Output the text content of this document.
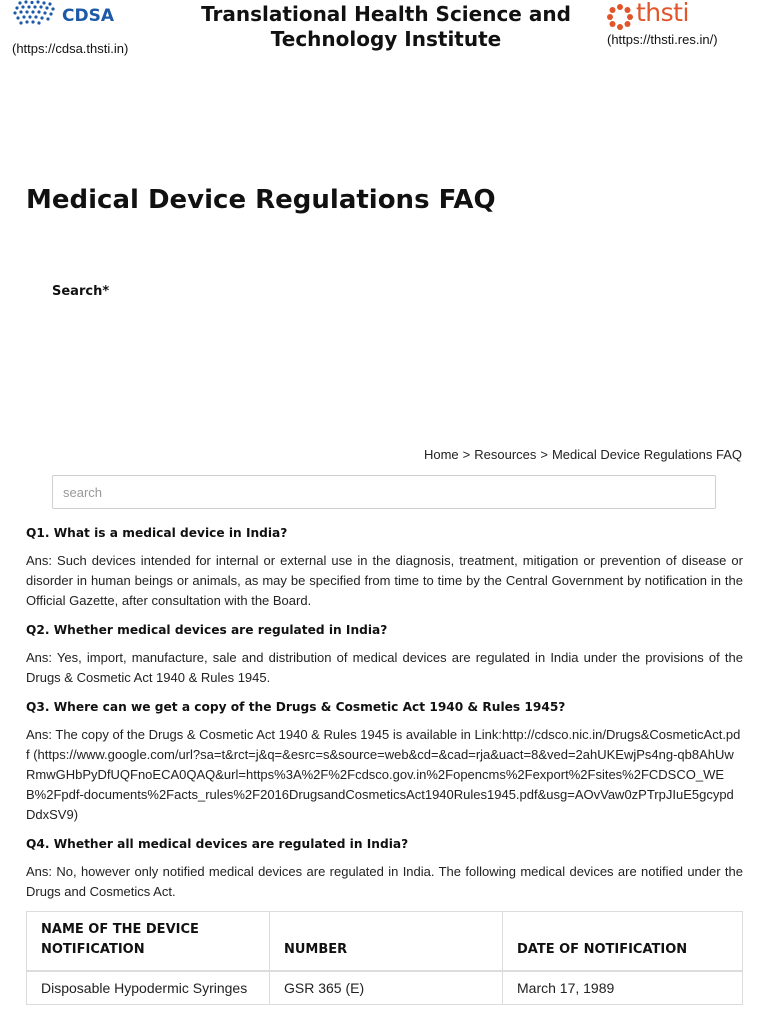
CDSA
(https://cdsa.thsti.in)
Translational Health Science and Technology Institute
thsti
(https://thsti.res.in/)
Medical Device Regulations FAQ
Search*
Home > Resources > Medical Device Regulations FAQ
search

Q1. What is a medical device in India?

Ans: Such devices intended for internal or external use in the diagnosis, treatment, mitigation or prevention of disease or disorder in human beings or animals, as may be specified from time to time by the Central Government by notification in the Official Gazette, after consultation with the Board.

Q2. Whether medical devices are regulated in India?

Ans: Yes, import, manufacture, sale and distribution of medical devices are regulated in India under the provisions of the Drugs & Cosmetic Act 1940 & Rules 1945.

Q3. Where can we get a copy of the Drugs & Cosmetic Act 1940 & Rules 1945?

Ans: The copy of the Drugs & Cosmetic Act 1940 & Rules 1945 is available in Link:http://cdsco.nic.in/Drugs&CosmeticAct.pdf (https://www.google.com/url?sa=t&rct=j&q=&esrc=s&source=web&cd=&cad=rja&uact=8&ved=2ahUKEwjPs4ng-qb8AhUwRmwGHbPyDfUQFnoECA0QAQ&url=https%3A%2F%2Fcdsco.gov.in%2Fopencms%2Fexport%2Fsites%2FCDSCO_WEB%2Fpdf-documents%2Facts_rules%2F2016DrugsandCosmeticsAct1940Rules1945.pdf&usg=AOvVaw0zPTrpJIuE5gcypdDdxSV9)

Q4. Whether all medical devices are regulated in India?

Ans: No, however only notified medical devices are regulated in India. The following medical devices are notified under the Drugs and Cosmetics Act.

NAME OF THE DEVICE NOTIFICATION	NUMBER	DATE OF NOTIFICATION
Disposable Hypodermic Syringes	GSR 365 (E)	March 17, 1989
